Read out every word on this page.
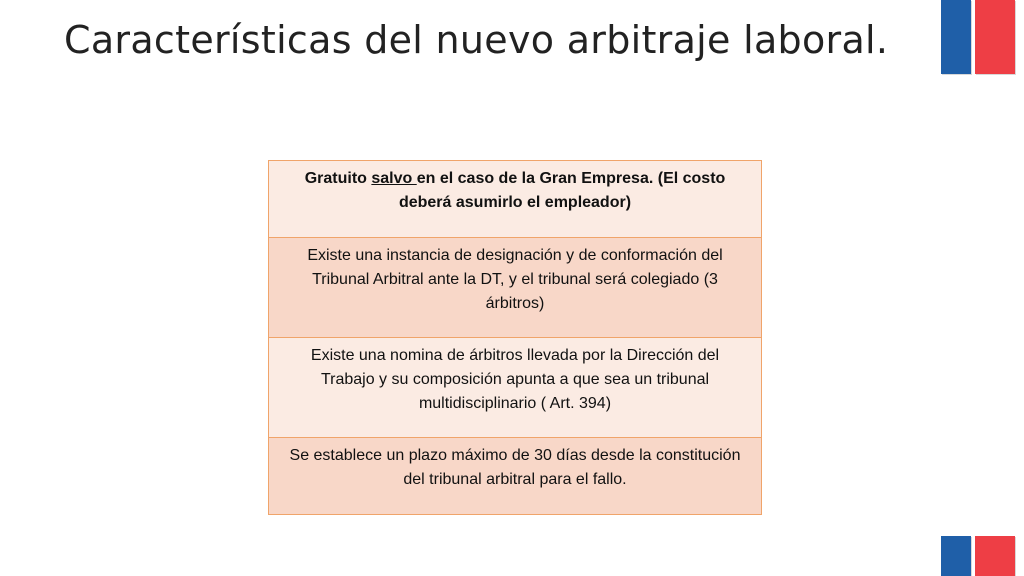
Características del nuevo arbitraje laboral.
Gratuito salvo en el caso de la Gran Empresa. (El costo deberá asumirlo el empleador)
Existe una instancia de designación y de conformación del Tribunal Arbitral ante la DT, y el tribunal será colegiado (3 árbitros)
Existe una nomina de árbitros llevada por la Dirección del Trabajo y su composición apunta a que sea un tribunal multidisciplinario ( Art. 394)
Se establece un plazo máximo de 30 días desde la constitución del tribunal arbitral para el fallo.
